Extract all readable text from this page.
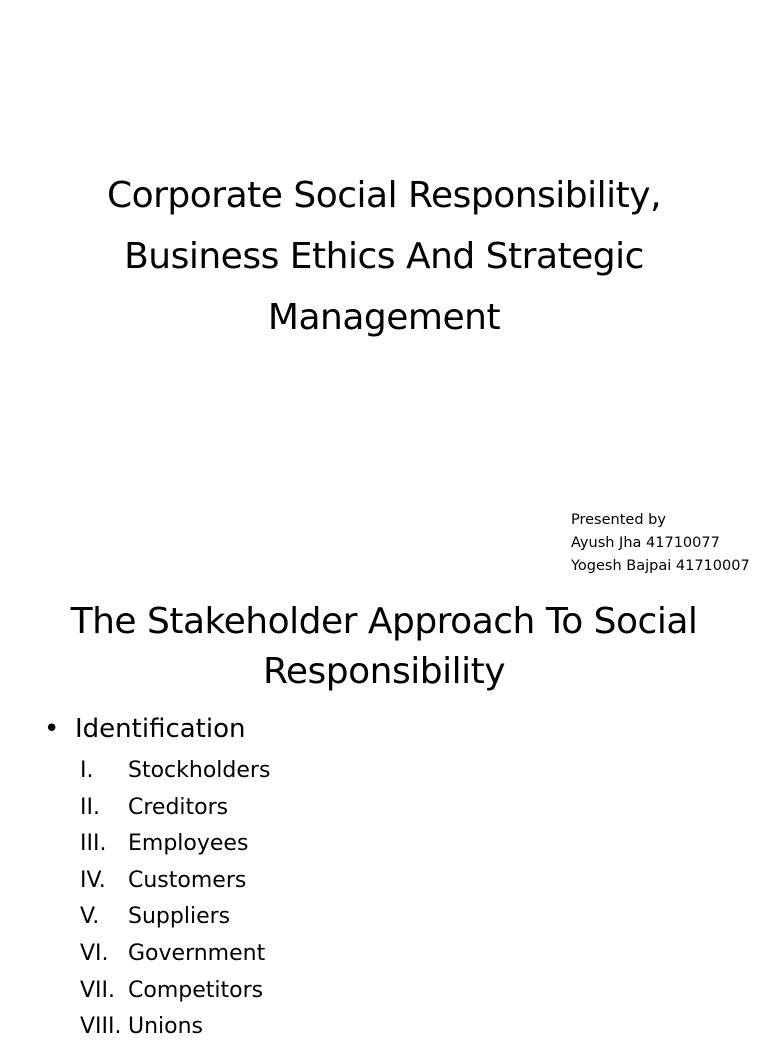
Corporate Social Responsibility,
Business Ethics And Strategic
Management
Presented by
Ayush Jha 41710077
Yogesh Bajpai 41710007
The Stakeholder Approach To Social
Responsibility
• Identification
I. Stockholders
II. Creditors
III. Employees
IV. Customers
V. Suppliers
VI. Government
VII. Competitors
VIII. Unions
